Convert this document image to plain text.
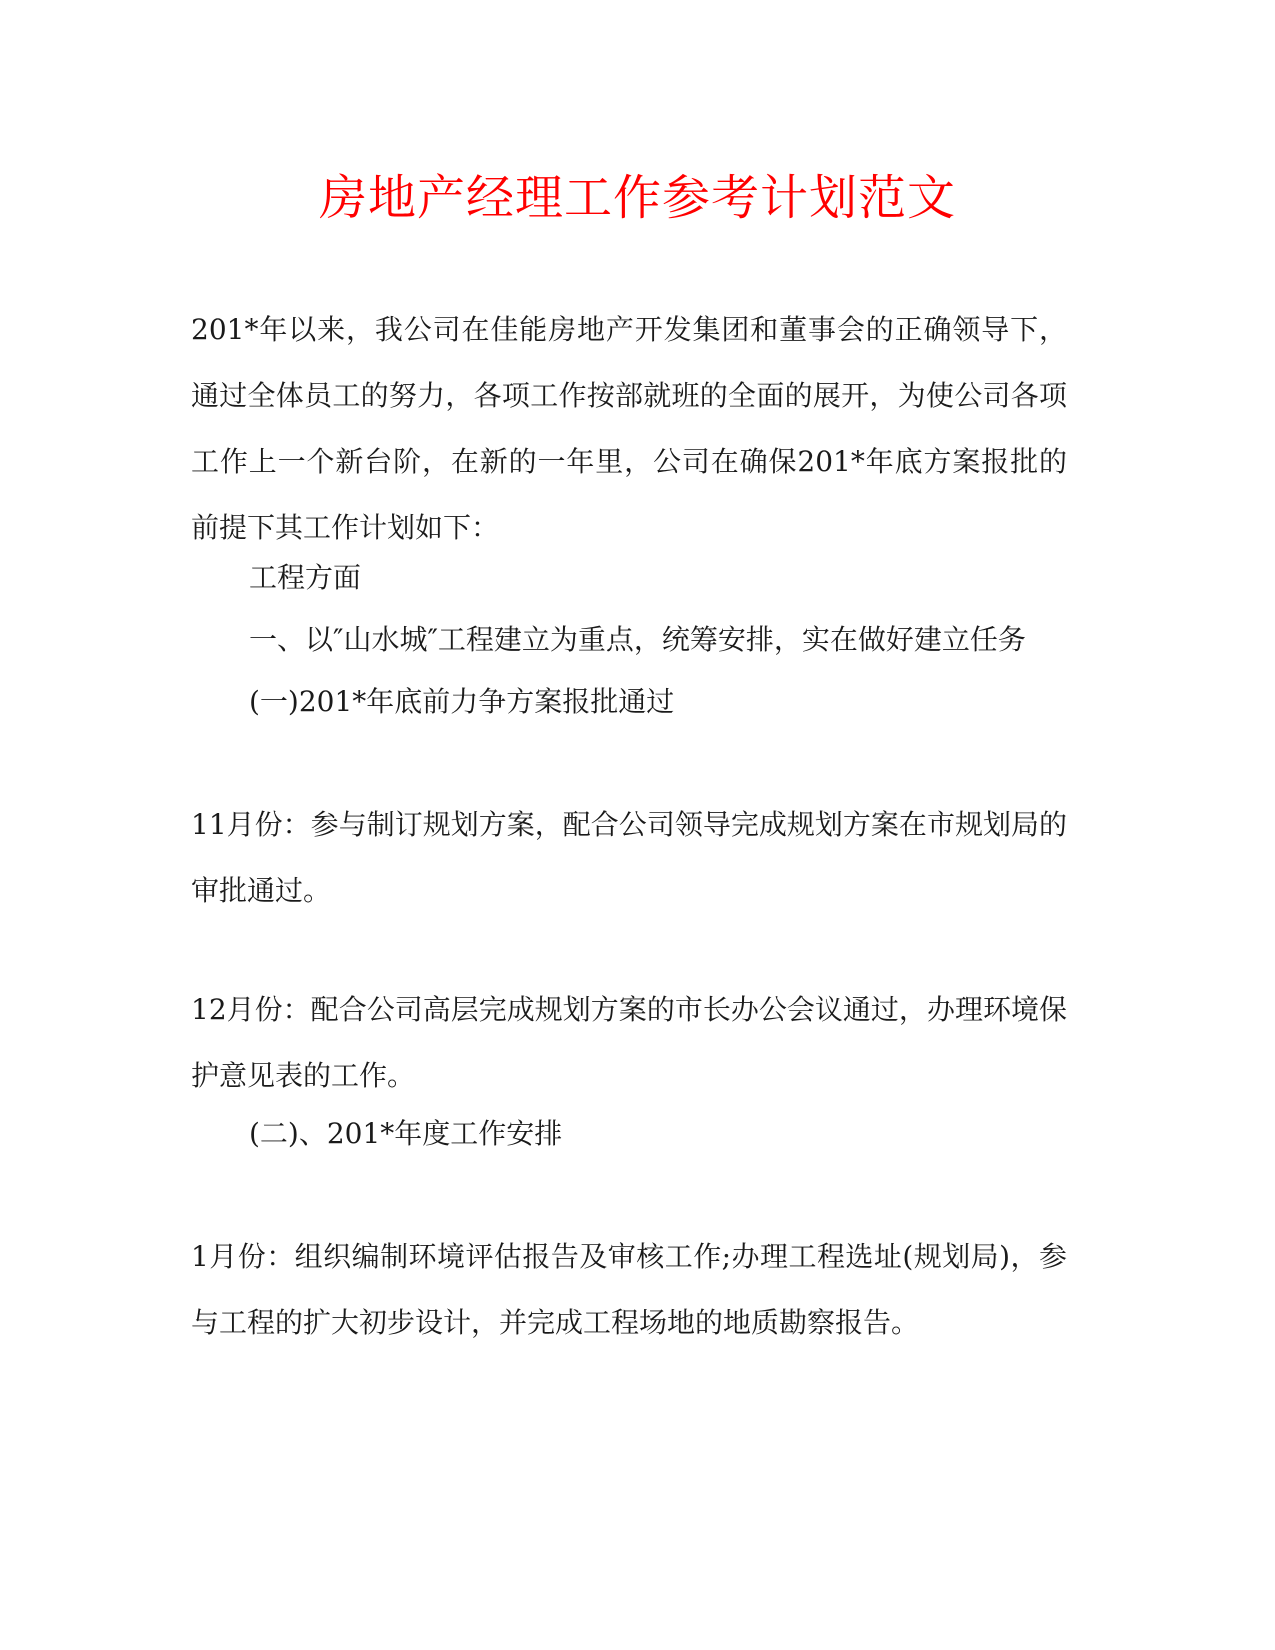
房地产经理工作参考计划范文

201*年以来，我公司在佳能房地产开发集团和董事会的正确领导下，通过全体员工的努力，各项工作按部就班的全面的展开，为使公司各项工作上一个新台阶，在新的一年里，公司在确保201*年底方案报批的前提下其工作计划如下：

工程方面

一、以″山水城″工程建立为重点，统筹安排，实在做好建立任务

(一)201*年底前力争方案报批通过

11月份：参与制订规划方案，配合公司领导完成规划方案在市规划局的审批通过。

12月份：配合公司高层完成规划方案的市长办公会议通过，办理环境保护意见表的工作。

(二)、201*年度工作安排

1月份：组织编制环境评估报告及审核工作;办理工程选址(规划局)，参与工程的扩大初步设计，并完成工程场地的地质勘察报告。
